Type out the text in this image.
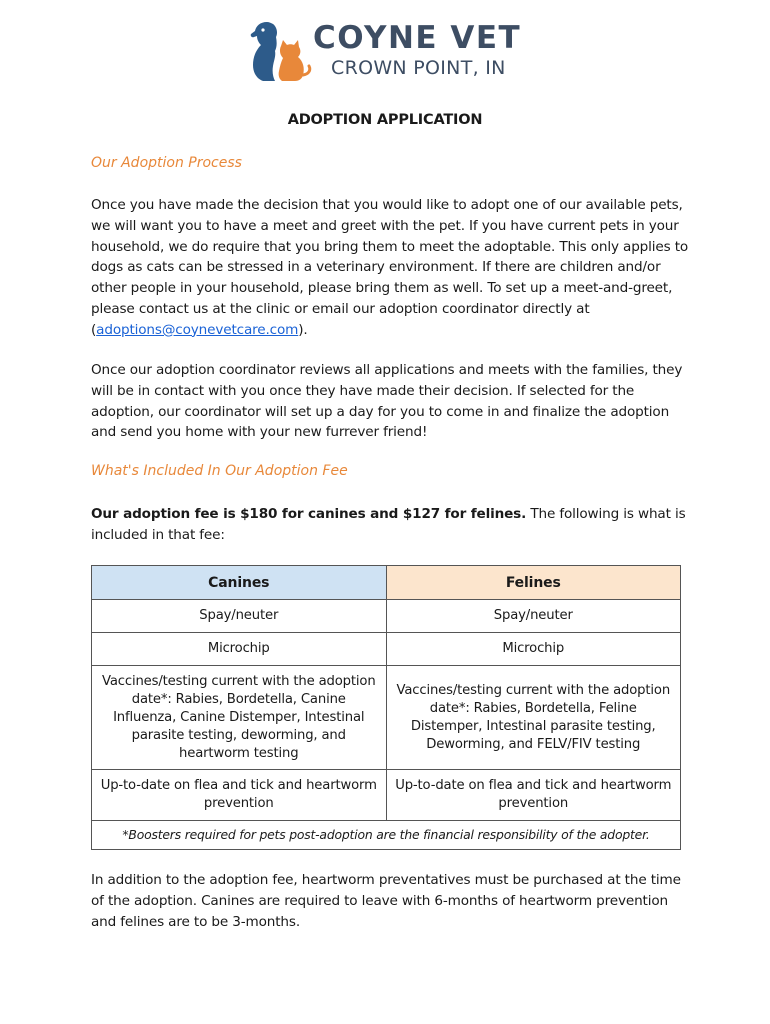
COYNE VET
CROWN POINT, IN
ADOPTION APPLICATION
Our Adoption Process
Once you have made the decision that you would like to adopt one of our available pets, we will want you to have a meet and greet with the pet. If you have current pets in your household, we do require that you bring them to meet the adoptable. This only applies to dogs as cats can be stressed in a veterinary environment. If there are children and/or other people in your household, please bring them as well. To set up a meet-and-greet, please contact us at the clinic or email our adoption coordinator directly at (adoptions@coynevetcare.com).
Once our adoption coordinator reviews all applications and meets with the families, they will be in contact with you once they have made their decision. If selected for the adoption, our coordinator will set up a day for you to come in and finalize the adoption and send you home with your new furrever friend!
What's Included In Our Adoption Fee
Our adoption fee is $180 for canines and $127 for felines. The following is what is included in that fee:
Canines	Felines
Spay/neuter	Spay/neuter
Microchip	Microchip
Vaccines/testing current with the adoption date*: Rabies, Bordetella, Canine Influenza, Canine Distemper, Intestinal parasite testing, deworming, and heartworm testing	Vaccines/testing current with the adoption date*: Rabies, Bordetella, Feline Distemper, Intestinal parasite testing, Deworming, and FELV/FIV testing
Up-to-date on flea and tick and heartworm prevention	Up-to-date on flea and tick and heartworm prevention
*Boosters required for pets post-adoption are the financial responsibility of the adopter.	
In addition to the adoption fee, heartworm preventatives must be purchased at the time of the adoption. Canines are required to leave with 6-months of heartworm prevention and felines are to be 3-months.
